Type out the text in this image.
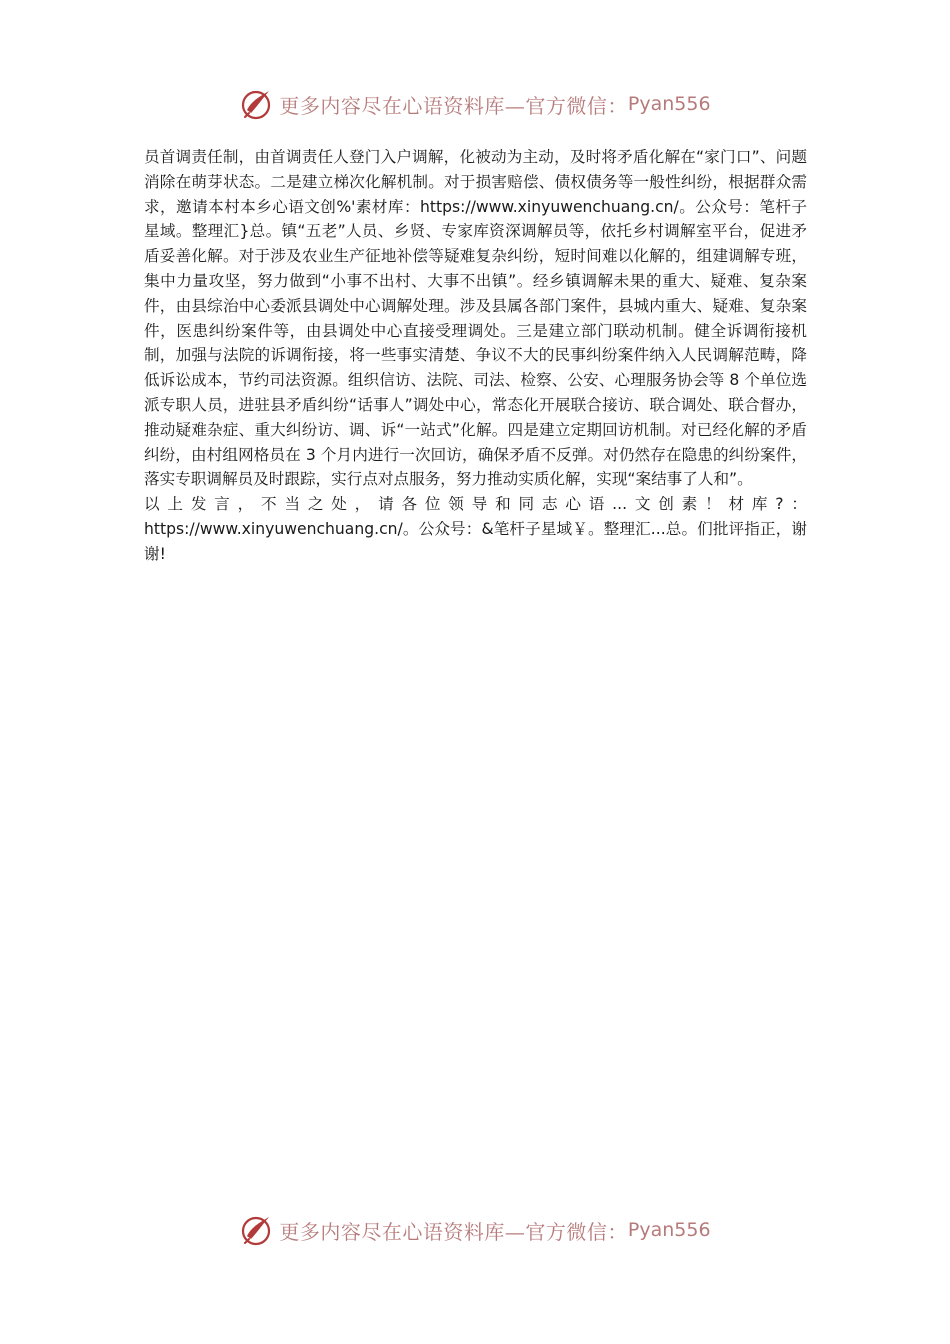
更多内容尽在心语资料库—官方微信： Pyan556

员首调责任制，由首调责任人登门入户调解，化被动为主动，及时将矛盾化解在“家门口”、问题消除在萌芽状态。二是建立梯次化解机制。对于损害赔偿、债权债务等一般性纠纷，根据群众需求，邀请本村本乡心语文创%'素材库：https://www.xinyuwenchuang.cn/。公众号：笔杆子星域。整理汇}总。镇“五老”人员、乡贤、专家库资深调解员等，依托乡村调解室平台，促进矛盾妥善化解。对于涉及农业生产征地补偿等疑难复杂纠纷，短时间难以化解的，组建调解专班，集中力量攻坚，努力做到“小事不出村、大事不出镇”。经乡镇调解未果的重大、疑难、复杂案件，由县综治中心委派县调处中心调解处理。涉及县属各部门案件，县城内重大、疑难、复杂案件，医患纠纷案件等，由县调处中心直接受理调处。三是建立部门联动机制。健全诉调衔接机制，加强与法院的诉调衔接，将一些事实清楚、争议不大的民事纠纷案件纳入人民调解范畴，降低诉讼成本，节约司法资源。组织信访、法院、司法、检察、公安、心理服务协会等 8 个单位选派专职人员，进驻县矛盾纠纷“话事人”调处中心，常态化开展联合接访、联合调处、联合督办，推动疑难杂症、重大纠纷访、调、诉“一站式”化解。四是建立定期回访机制。对已经化解的矛盾纠纷，由村组网格员在 3 个月内进行一次回访，确保矛盾不反弹。对仍然存在隐患的纠纷案件，落实专职调解员及时跟踪，实行点对点服务，努力推动实质化解，实现“案结事了人和”。

以上发言，不当之处，请各位领导和同志心语...文创素！材库?：https://www.xinyuwenchuang.cn/。公众号：&笔杆子星域￥。整理汇...总。们批评指正，谢谢!

更多内容尽在心语资料库—官方微信： Pyan556
